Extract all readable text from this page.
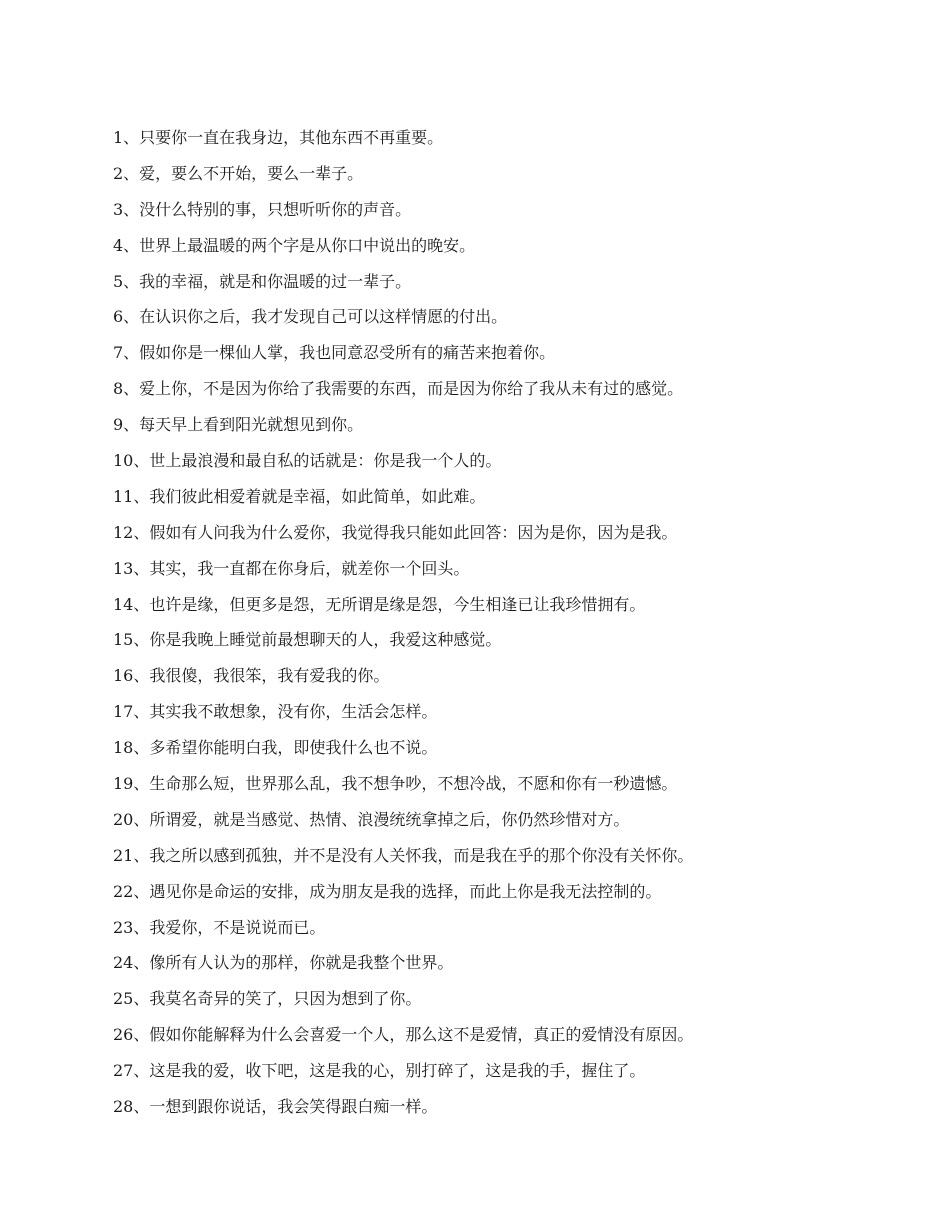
1、只要你一直在我身边，其他东西不再重要。
2、爱，要么不开始，要么一辈子。
3、没什么特别的事，只想听听你的声音。
4、世界上最温暖的两个字是从你口中说出的晚安。
5、我的幸福，就是和你温暖的过一辈子。
6、在认识你之后，我才发现自己可以这样情愿的付出。
7、假如你是一棵仙人掌，我也同意忍受所有的痛苦来抱着你。
8、爱上你，不是因为你给了我需要的东西，而是因为你给了我从未有过的感觉。
9、每天早上看到阳光就想见到你。
10、世上最浪漫和最自私的话就是：你是我一个人的。
11、我们彼此相爱着就是幸福，如此简单，如此难。
12、假如有人问我为什么爱你，我觉得我只能如此回答：因为是你，因为是我。
13、其实，我一直都在你身后，就差你一个回头。
14、也许是缘，但更多是怨，无所谓是缘是怨，今生相逢已让我珍惜拥有。
15、你是我晚上睡觉前最想聊天的人，我爱这种感觉。
16、我很傻，我很笨，我有爱我的你。
17、其实我不敢想象，没有你，生活会怎样。
18、多希望你能明白我，即使我什么也不说。
19、生命那么短，世界那么乱，我不想争吵，不想冷战，不愿和你有一秒遗憾。
20、所谓爱，就是当感觉、热情、浪漫统统拿掉之后，你仍然珍惜对方。
21、我之所以感到孤独，并不是没有人关怀我，而是我在乎的那个你没有关怀你。
22、遇见你是命运的安排，成为朋友是我的选择，而此上你是我无法控制的。
23、我爱你，不是说说而已。
24、像所有人认为的那样，你就是我整个世界。
25、我莫名奇异的笑了，只因为想到了你。
26、假如你能解释为什么会喜爱一个人，那么这不是爱情，真正的爱情没有原因。
27、这是我的爱，收下吧，这是我的心，别打碎了，这是我的手，握住了。
28、一想到跟你说话，我会笑得跟白痴一样。
